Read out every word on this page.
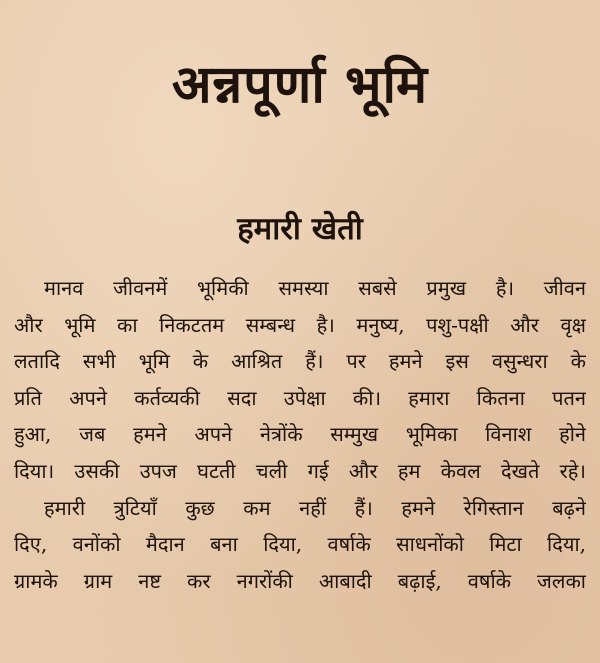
अन्नपूर्णा भूमि
हमारी खेती
मानव जीवनमें भूमिकी समस्या सबसे प्रमुख है। जीवन
और भूमि का निकटतम सम्बन्ध है। मनुष्य, पशु-पक्षी और वृक्ष
लतादि सभी भूमि के आश्रित हैं। पर हमने इस वसुन्धरा के
प्रति अपने कर्तव्यकी सदा उपेक्षा की। हमारा कितना पतन
हुआ, जब हमने अपने नेत्रोंके सम्मुख भूमिका विनाश होने
दिया। उसकी उपज घटती चली गई और हम केवल देखते रहे।
हमारी त्रुटियाँ कुछ कम नहीं हैं। हमने रेगिस्तान बढ़ने
दिए, वनोंको मैदान बना दिया, वर्षाके साधनोंको मिटा दिया,
ग्रामके ग्राम नष्ट कर नगरोंकी आबादी बढ़ाई, वर्षाके जलका
